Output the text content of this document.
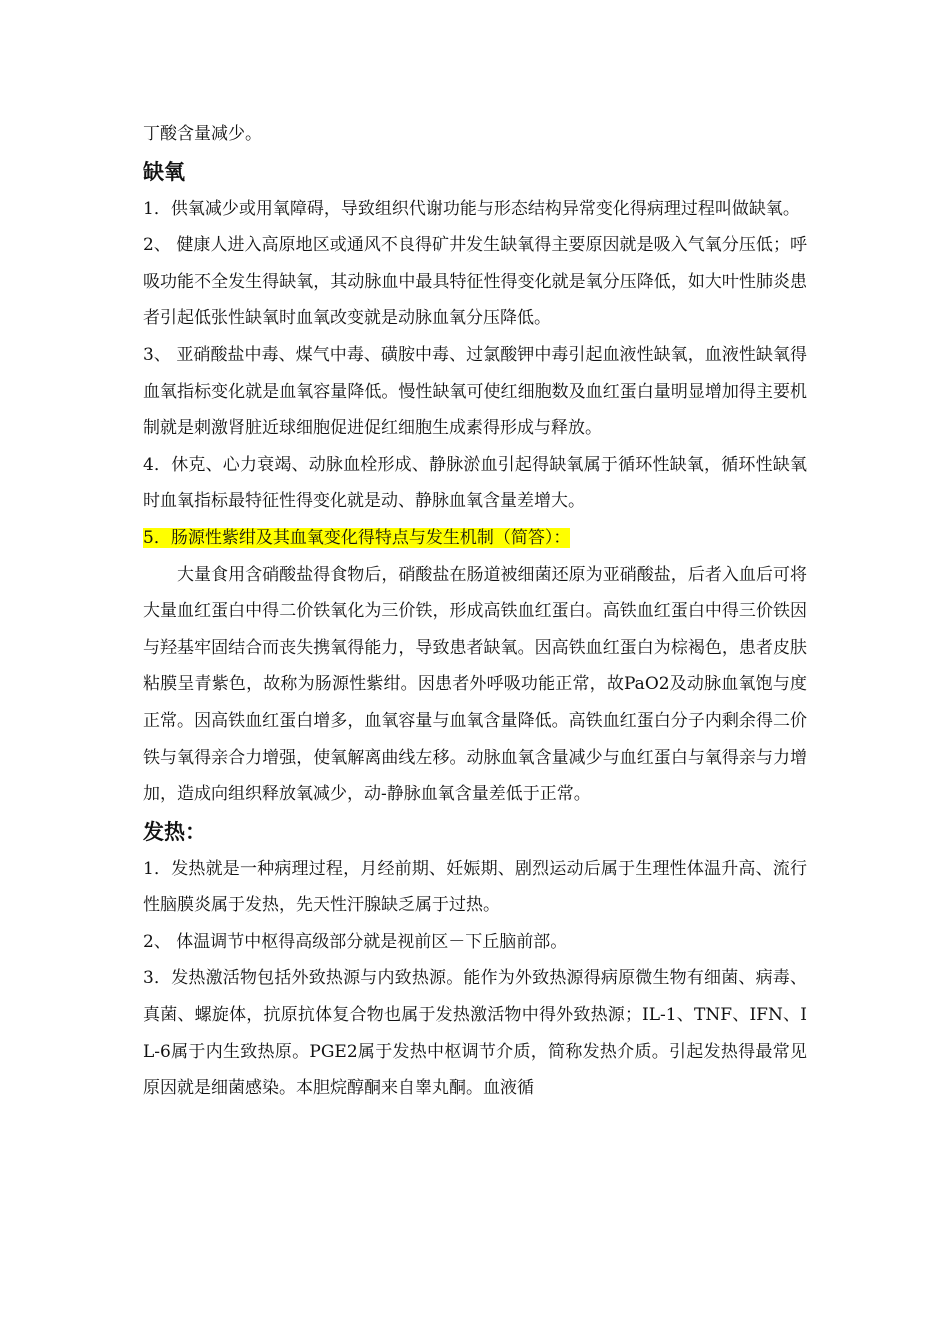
丁酸含量减少。

缺氧

1．供氧减少或用氧障碍，导致组织代谢功能与形态结构异常变化得病理过程叫做缺氧。

2、 健康人进入高原地区或通风不良得矿井发生缺氧得主要原因就是吸入气氧分压低；呼吸功能不全发生得缺氧，其动脉血中最具特征性得变化就是氧分压降低，如大叶性肺炎患者引起低张性缺氧时血氧改变就是动脉血氧分压降低。

3、 亚硝酸盐中毒、煤气中毒、磺胺中毒、过氯酸钾中毒引起血液性缺氧，血液性缺氧得血氧指标变化就是血氧容量降低。慢性缺氧可使红细胞数及血红蛋白量明显增加得主要机制就是刺激肾脏近球细胞促进促红细胞生成素得形成与释放。

4．休克、心力衰竭、动脉血栓形成、静脉淤血引起得缺氧属于循环性缺氧，循环性缺氧时血氧指标最特征性得变化就是动、静脉血氧含量差增大。

5．肠源性紫绀及其血氧变化得特点与发生机制（简答）：

大量食用含硝酸盐得食物后，硝酸盐在肠道被细菌还原为亚硝酸盐，后者入血后可将大量血红蛋白中得二价铁氧化为三价铁，形成高铁血红蛋白。高铁血红蛋白中得三价铁因与羟基牢固结合而丧失携氧得能力，导致患者缺氧。因高铁血红蛋白为棕褐色，患者皮肤粘膜呈青紫色，故称为肠源性紫绀。因患者外呼吸功能正常，故PaO2及动脉血氧饱与度正常。因高铁血红蛋白增多，血氧容量与血氧含量降低。高铁血红蛋白分子内剩余得二价铁与氧得亲合力增强，使氧解离曲线左移。动脉血氧含量减少与血红蛋白与氧得亲与力增加，造成向组织释放氧减少，动-静脉血氧含量差低于正常。

发热：

1．发热就是一种病理过程，月经前期、妊娠期、剧烈运动后属于生理性体温升高、流行性脑膜炎属于发热，先天性汗腺缺乏属于过热。

2、 体温调节中枢得高级部分就是视前区－下丘脑前部。

3．发热激活物包括外致热源与内致热源。能作为外致热源得病原微生物有细菌、病毒、真菌、螺旋体，抗原抗体复合物也属于发热激活物中得外致热源；IL-1、TNF、IFN、IL-6属于内生致热原。PGE2属于发热中枢调节介质，简称发热介质。引起发热得最常见原因就是细菌感染。本胆烷醇酮来自睾丸酮。血液循
